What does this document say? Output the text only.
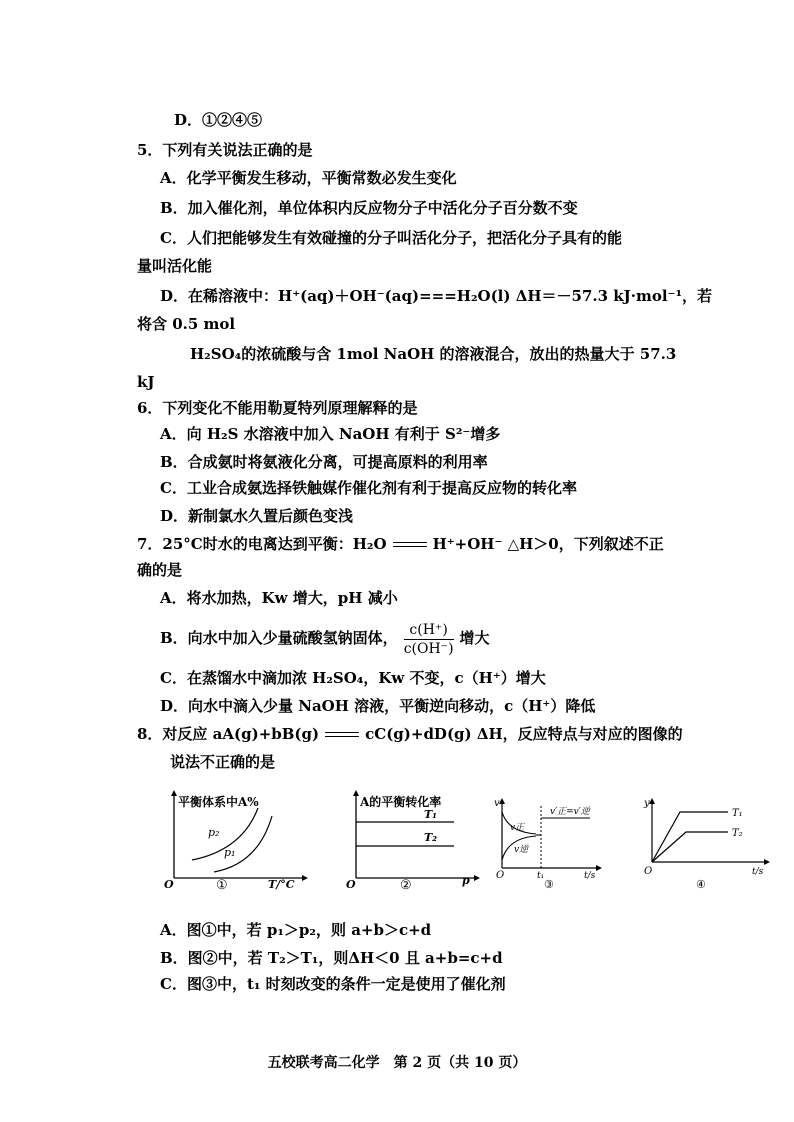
D．①②④⑤
5．下列有关说法正确的是
A．化学平衡发生移动，平衡常数必发生变化
B．加入催化剂，单位体积内反应物分子中活化分子百分数不变
C．人们把能够发生有效碰撞的分子叫活化分子，把活化分子具有的能
量叫活化能
D．在稀溶液中：H⁺(aq)＋OH⁻(aq)===H₂O(l) ΔH＝－57.3 kJ·mol⁻¹，若
将含 0.5 mol
H₂SO₄的浓硫酸与含 1mol NaOH 的溶液混合，放出的热量大于 57.3
kJ
6．下列变化不能用勒夏特列原理解释的是
A．向 H₂S 水溶液中加入 NaOH 有利于 S²⁻增多
B．合成氨时将氨液化分离，可提高原料的利用率
C．工业合成氨选择铁触媒作催化剂有利于提高反应物的转化率
D．新制氯水久置后颜色变浅
7．25°C时水的电离达到平衡：H₂O	H⁺+OH⁻ △H＞0，下列叙述不正
确的是
A．将水加热，Kw 增大，pH 减小
B．向水中加入少量硫酸氢钠固体， $\frac{c(H^+)}{c(OH^-)}$ 增大
C．在蒸馏水中滴加浓 H₂SO₄，Kw 不变，c（H⁺）增大
D．向水中滴入少量 NaOH 溶液，平衡逆向移动，c（H⁺）降低
8．对反应 aA(g)+bB(g)	cC(g)+dD(g) ΔH，反应特点与对应的图像的
说法不正确的是
平衡体系中A%
p₂
p₁
O	①	T/°C
A的平衡转化率
T₁
T₂
O	②	p
v
v正
v逆
v′正=v′逆
O	t₁	t/s
③
y
T₁
T₂
O	t/s
④
A．图①中，若 p₁＞p₂，则 a+b＞c+d
B．图②中，若 T₂＞T₁，则ΔH＜0 且 a+b=c+d
C．图③中，t₁ 时刻改变的条件一定是使用了催化剂
五校联考高二化学　第 2 页（共 10 页）
